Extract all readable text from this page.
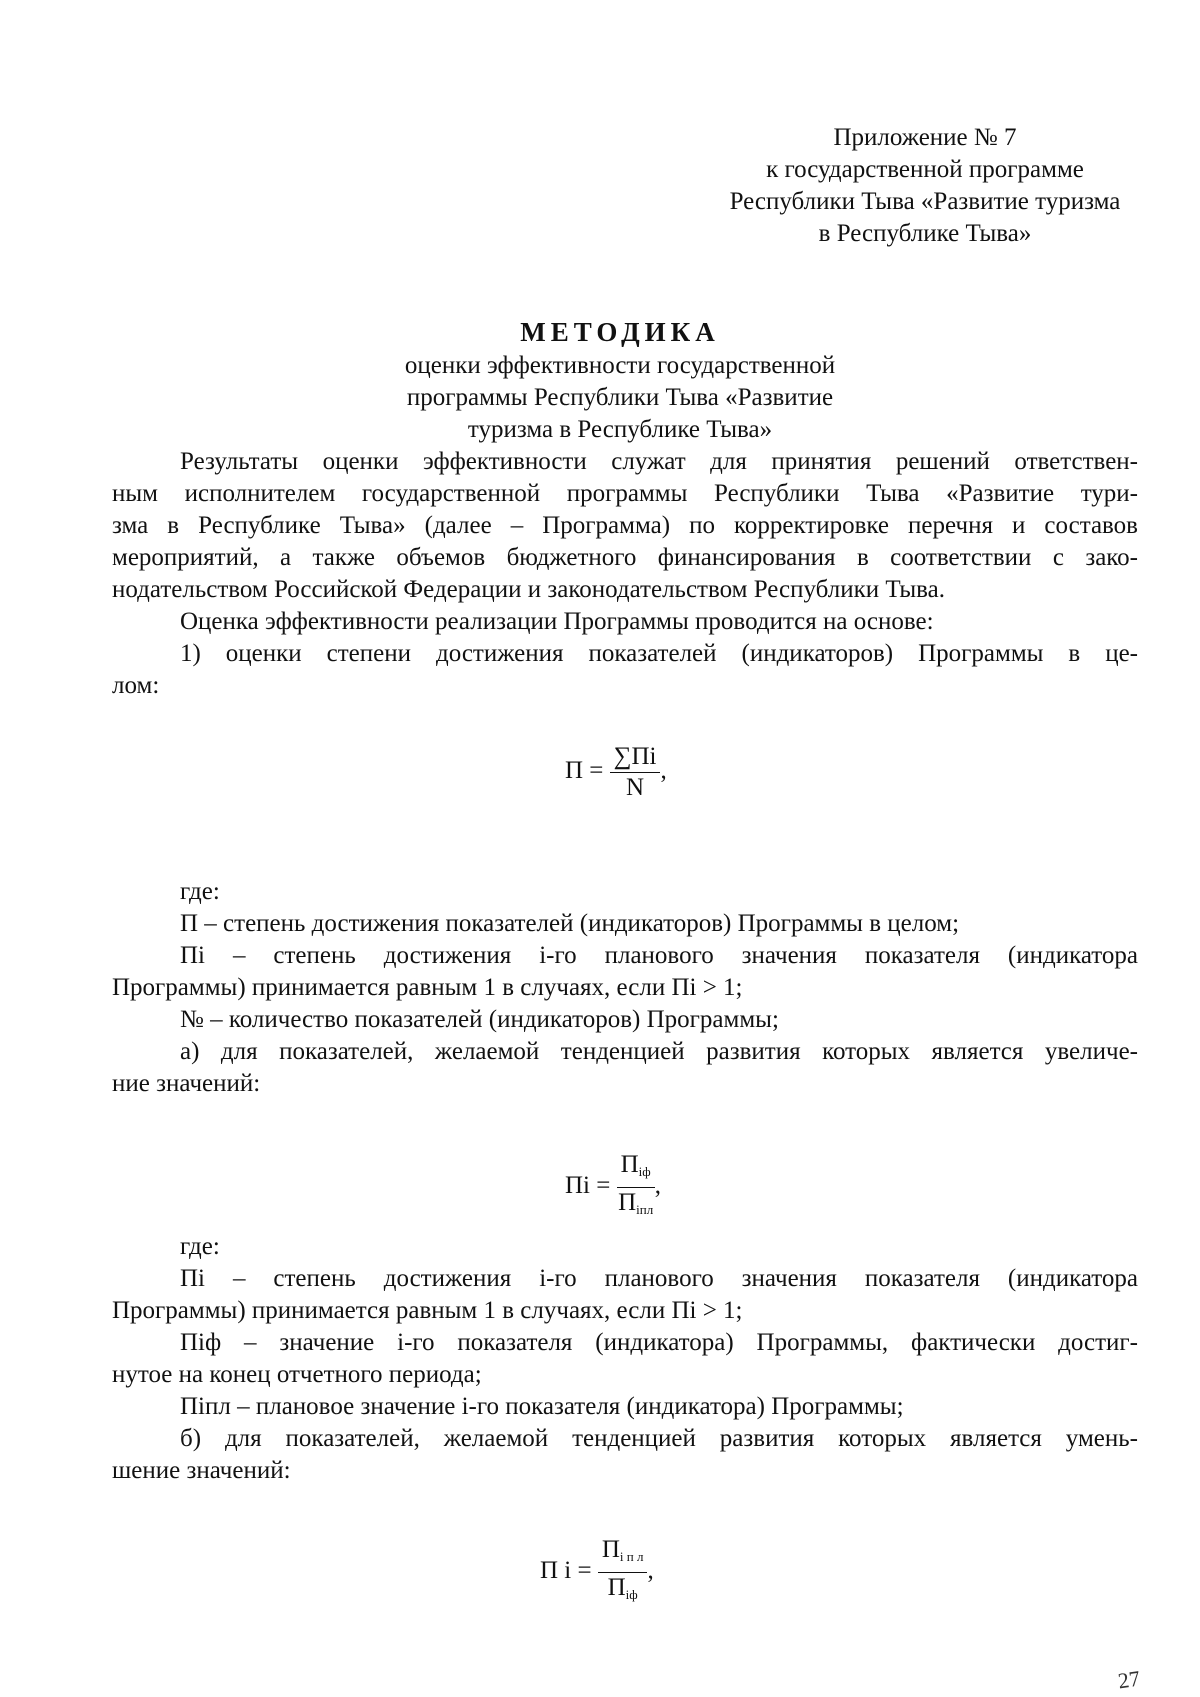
Приложение № 7
к государственной программе
Республики Тыва «Развитие туризма
в Республике Тыва»
МЕТОДИКА
оценки эффективности государственной
программы Республики Тыва «Развитие
туризма в Республике Тыва»
Результаты оценки эффективности служат для принятия решений ответствен-
ным исполнителем государственной программы Республики Тыва «Развитие тури-
зма в Республике Тыва» (далее – Программа) по корректировке перечня и составов
мероприятий, а также объемов бюджетного финансирования в соответствии с зако-
нодательством Российской Федерации и законодательством Республики Тыва.
Оценка эффективности реализации Программы проводится на основе:
1) оценки степени достижения показателей (индикаторов) Программы в це-
лом:
$П = \frac{\sum Пi}{N}$ ,
где:
П – степень достижения показателей (индикаторов) Программы в целом;
Пi – степень достижения i-го планового значения показателя (индикатора
Программы) принимается равным 1 в случаях, если Пi > 1;
№ – количество показателей (индикаторов) Программы;
а) для показателей, желаемой тенденцией развития которых является увеличе-
ние значений:
Пi = $\frac{П_{iф}}{П_{iпл}}$ ,
где:
Пi – степень достижения i-го планового значения показателя (индикатора
Программы) принимается равным 1 в случаях, если Пi > 1;
Пiф – значение i-го показателя (индикатора) Программы, фактически достиг-
нутое на конец отчетного периода;
Пiпл – плановое значение i-го показателя (индикатора) Программы;
б) для показателей, желаемой тенденцией развития которых является умень-
шение значений:
П $i = \frac{П_{i п л}}{П_{iф}}$ ,
27
